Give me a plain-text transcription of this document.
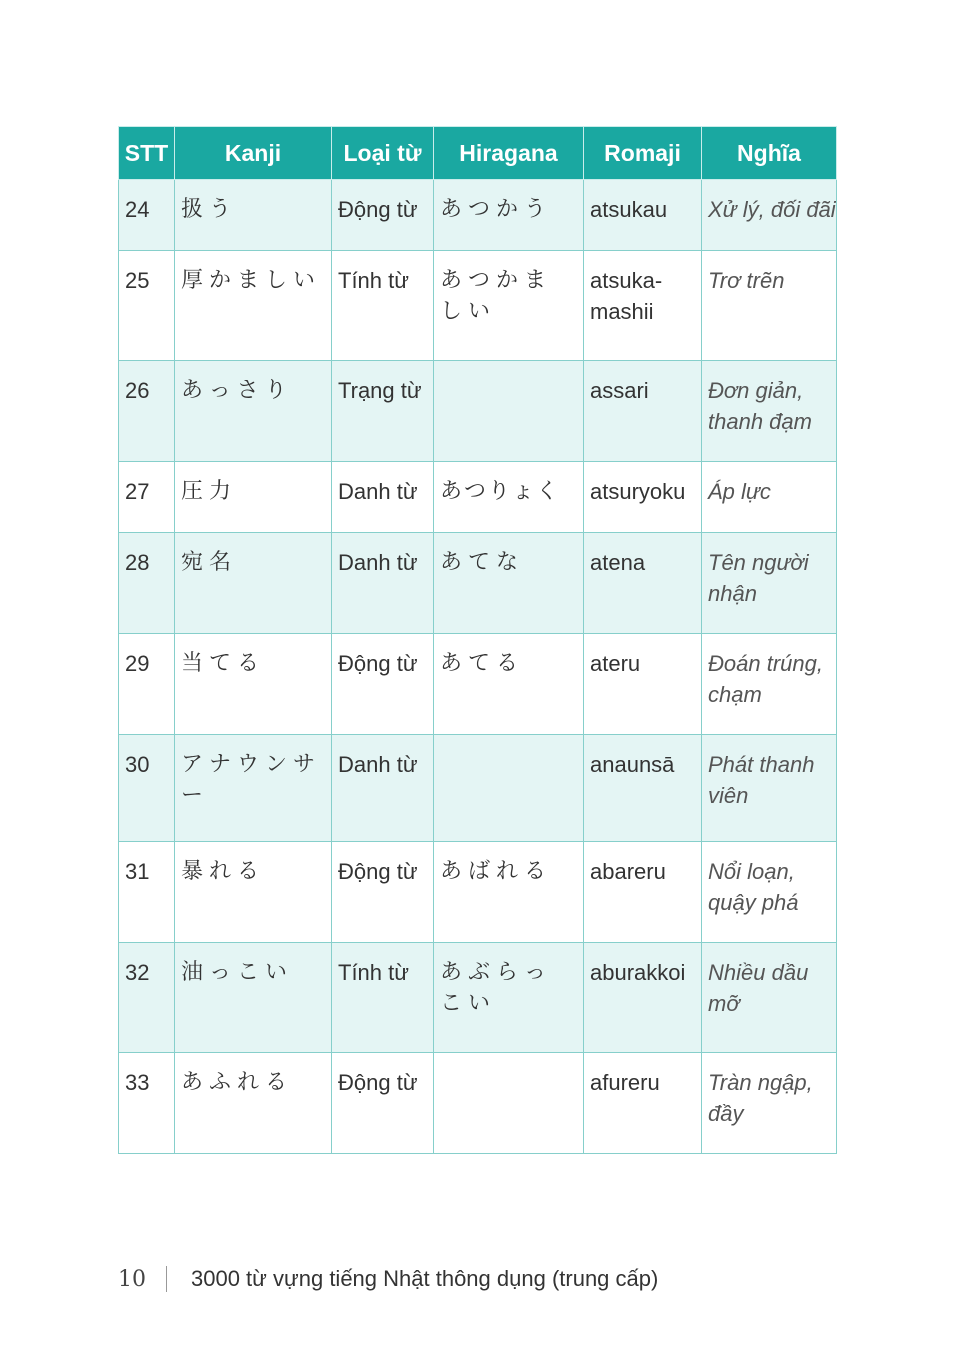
STT	Kanji	Loại từ	Hiragana	Romaji	Nghĩa
24	扱う	Động từ	あつかう	atsukau	Xử lý, đối đãi
25	厚かましい	Tính từ	あつかましい	atsuka-mashii	Trơ trẽn
26	あっさり	Trạng từ		assari	Đơn giản, thanh đạm
27	圧力	Danh từ	あつりょく	atsuryoku	Áp lực
28	宛名	Danh từ	あてな	atena	Tên người nhận
29	当てる	Động từ	あてる	ateru	Đoán trúng, chạm
30	アナウンサー	Danh từ		anaunsā	Phát thanh viên
31	暴れる	Động từ	あばれる	abareru	Nổi loạn, quậy phá
32	油っこい	Tính từ	あぶらっこい	aburakkoi	Nhiều dầu mỡ
33	あふれる	Động từ		afureru	Tràn ngập, đầy
10 3000 từ vựng tiếng Nhật thông dụng (trung cấp)
